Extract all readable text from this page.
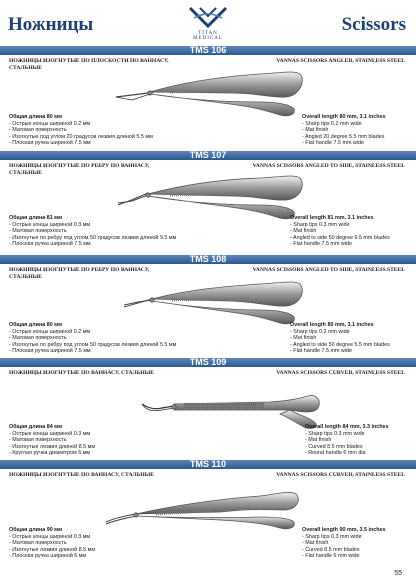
Ножницы	TITAN MEDICAL
Scissors
TMS 106
НОЖНИЦЫ ИЗОГНУТЫЕ ПО ПЛОСКОСТИ ПО ВАННАСУ, СТАЛЬНЫЕ
VANNAS SCISSORS ANGLED, STAINLESS STEEL
Общая длина 80 мм
- Острые концы шириной 0.2 мм
- Матовая поверхность
- Изогнутые под углом 20 градусов лезвия длиной 5.5 мм
- Плоская ручка шириной 7.5 мм
Overall length 80 mm, 3.1 inches
- Sharp tips 0.2 mm wide
- Mat finish
- Angled 20 degree 5.5 mm blades
- Flat handle 7.5 mm wide
TMS 107
НОЖНИЦЫ ИЗОГНУТЫЕ ПО РЕБРУ ПО ВАННАСУ, СТАЛЬНЫЕ
VANNAS SCISSORS ANGLED TO SIDE, STAINLESS STEEL
Общая длина 81 мм
- Острые концы шириной 0.3 мм
- Матовая поверхность
- Изогнутые по ребру под углом 50 градусов лезвия длиной 9.5 мм
- Плоская ручка шириной 7.5 мм
Overall length 81 mm, 3.1 inches
- Sharp tips 0.3 mm wide
- Mat finish
- Angled to side 50 degree 9.5 mm blades
- Flat handle 7.5 mm wide
TMS 108
НОЖНИЦЫ ИЗОГНУТЫЕ ПО РЕБРУ ПО ВАННАСУ, СТАЛЬНЫЕ
VANNAS SCISSORS ANGLED TO SIDE, STAINLESS STEEL
Общая длина 80 мм
- Острые концы шириной 0.2 мм
- Матовая поверхность
- Изогнутые по ребру под углом 50 градусов лезвия длиной 5.5 мм
- Плоская ручка шириной 7.5 мм
Overall length 80 mm, 3.1 inches
- Sharp tips 0.2 mm wide
- Mat finish
- Angled to side 50 degree 5.5 mm blades
- Flat handle 7.5 mm wide
TMS 109
НОЖНИЦЫ ИЗОГНУТЫЕ ПО ВАННАСУ, СТАЛЬНЫЕ	VANNAS SCISSORS CURVED, STAINLESS STEEL
Общая длина 84 мм
- Острые концы шириной 0.3 мм
- Матовая поверхность
- Изогнутые лезвия длиной 8.5 мм
- Круглая ручка диаметром 6 мм
Overall length 84 mm, 3.3 inches
- Sharp tips 0.3 mm wide
- Mat finish
- Curved 8.5 mm blades
- Round handle 6 mm dia
TMS 110
НОЖНИЦЫ ИЗОГНУТЫЕ ПО ВАННАСУ, СТАЛЬНЫЕ	VANNAS SCISSORS CURVED, STAINLESS STEEL
Общая длина 90 мм
- Острые концы шириной 0.3 мм
- Матовая поверхность
- Изогнутые лезвия длиной 8.5 мм
- Плоская ручка шириной 6 мм
Overall length 90 mm, 3.5 inches
- Sharp tips 0.3 mm wide
- Mat finish
- Curved 8.5 mm blades
- Flat handle 6 mm wide
55
